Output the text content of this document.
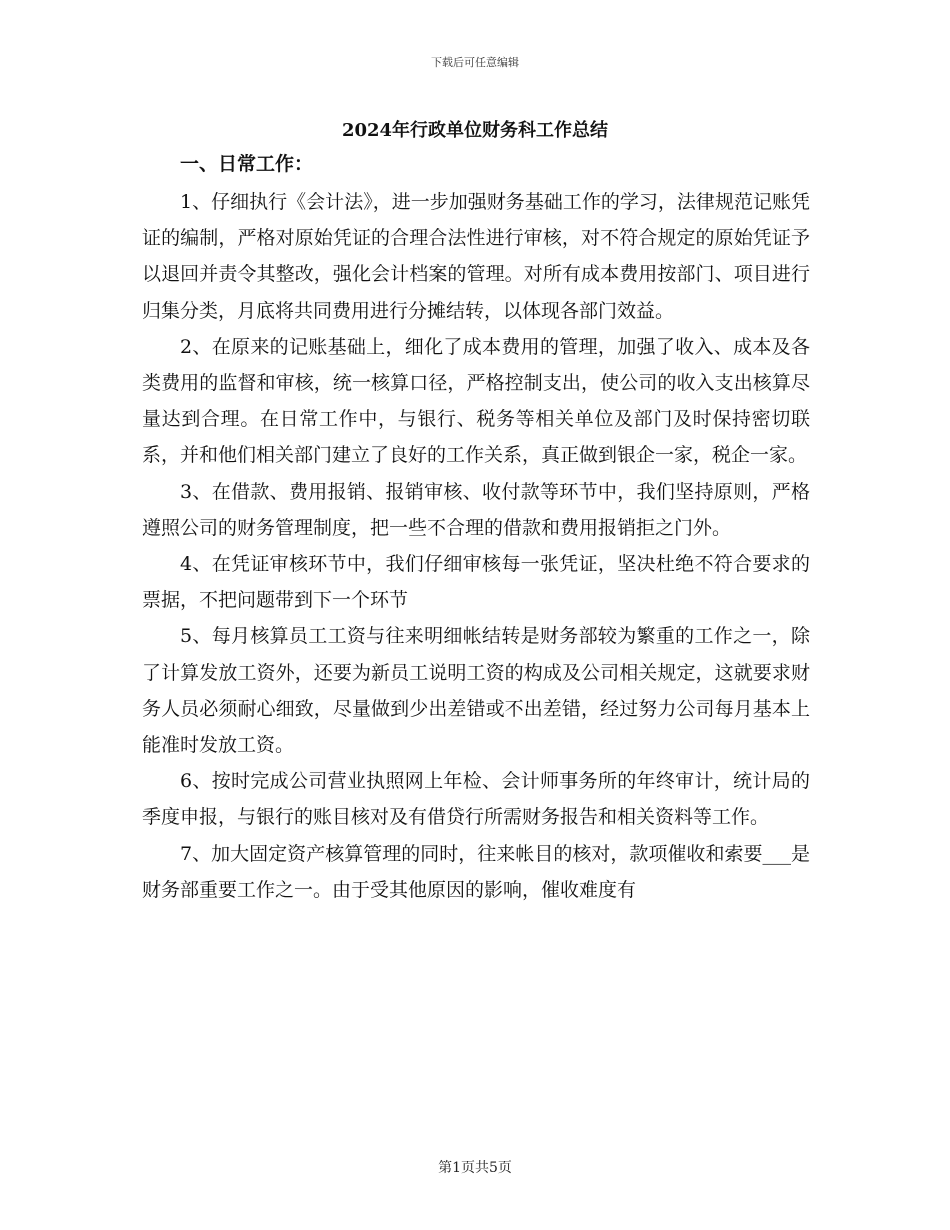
下载后可任意编辑
2024年行政单位财务科工作总结

一、日常工作：

1、仔细执行《会计法》，进一步加强财务基础工作的学习，法律规范记账凭证的编制，严格对原始凭证的合理合法性进行审核，对不符合规定的原始凭证予以退回并责令其整改，强化会计档案的管理。对所有成本费用按部门、项目进行归集分类，月底将共同费用进行分摊结转，以体现各部门效益。

2、在原来的记账基础上，细化了成本费用的管理，加强了收入、成本及各类费用的监督和审核，统一核算口径，严格控制支出，使公司的收入支出核算尽量达到合理。在日常工作中，与银行、税务等相关单位及部门及时保持密切联系，并和他们相关部门建立了良好的工作关系，真正做到银企一家，税企一家。

3、在借款、费用报销、报销审核、收付款等环节中，我们坚持原则，严格遵照公司的财务管理制度，把一些不合理的借款和费用报销拒之门外。

4、在凭证审核环节中，我们仔细审核每一张凭证，坚决杜绝不符合要求的票据，不把问题带到下一个环节

5、每月核算员工工资与往来明细帐结转是财务部较为繁重的工作之一，除了计算发放工资外，还要为新员工说明工资的构成及公司相关规定，这就要求财务人员必须耐心细致，尽量做到少出差错或不出差错，经过努力公司每月基本上能准时发放工资。

6、按时完成公司营业执照网上年检、会计师事务所的年终审计，统计局的季度申报，与银行的账目核对及有借贷行所需财务报告和相关资料等工作。

7、加大固定资产核算管理的同时，往来帐目的核对，款项催收和索要___是财务部重要工作之一。由于受其他原因的影响，催收难度有

第1页共5页
